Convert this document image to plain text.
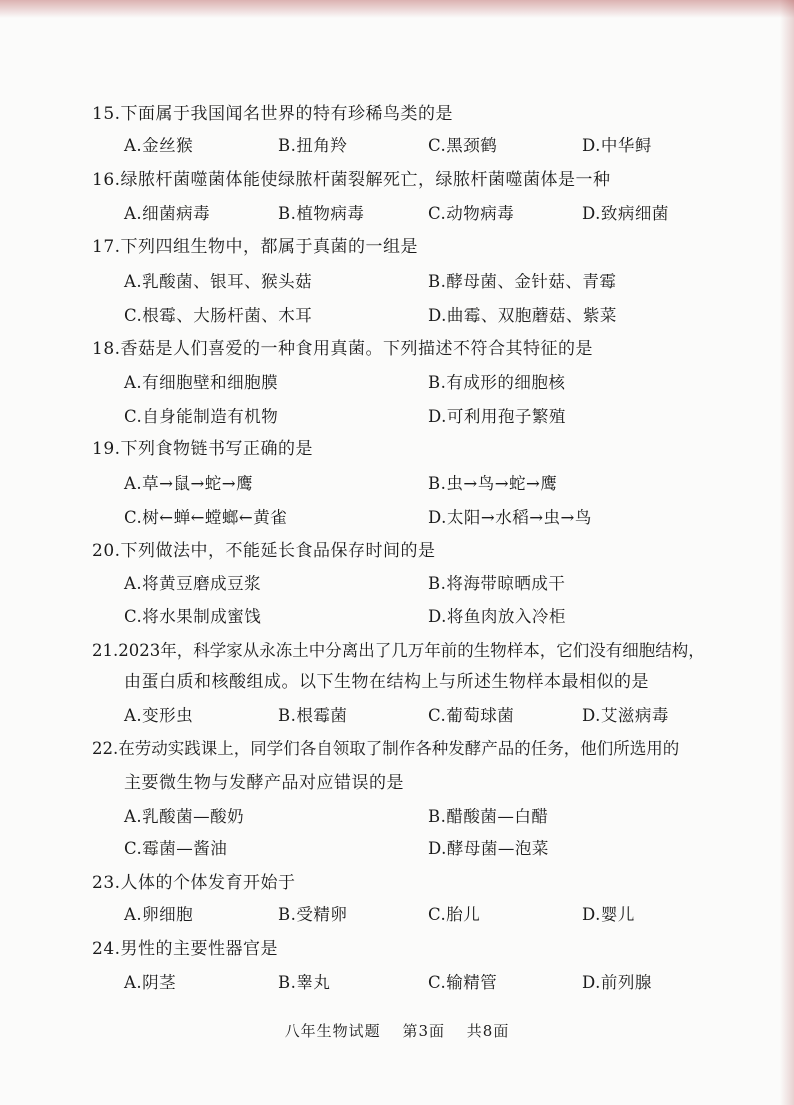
15.下面属于我国闻名世界的特有珍稀鸟类的是
A.金丝猴	B.扭角羚	C.黑颈鹤	D.中华鲟
16.绿脓杆菌噬菌体能使绿脓杆菌裂解死亡，绿脓杆菌噬菌体是一种
A.细菌病毒	B.植物病毒	C.动物病毒	D.致病细菌
17.下列四组生物中，都属于真菌的一组是
A.乳酸菌、银耳、猴头菇	B.酵母菌、金针菇、青霉
C.根霉、大肠杆菌、木耳	D.曲霉、双胞蘑菇、紫菜
18.香菇是人们喜爱的一种食用真菌。下列描述不符合其特征的是
A.有细胞壁和细胞膜	B.有成形的细胞核
C.自身能制造有机物	D.可利用孢子繁殖
19.下列食物链书写正确的是
A.草→鼠→蛇→鹰	B.虫→鸟→蛇→鹰
C.树←蝉←螳螂←黄雀	D.太阳→水稻→虫→鸟
20.下列做法中，不能延长食品保存时间的是
A.将黄豆磨成豆浆	B.将海带晾晒成干
C.将水果制成蜜饯	D.将鱼肉放入冷柜
21.2023年，科学家从永冻土中分离出了几万年前的生物样本，它们没有细胞结构，
由蛋白质和核酸组成。以下生物在结构上与所述生物样本最相似的是
A.变形虫	B.根霉菌	C.葡萄球菌	D.艾滋病毒
22.在劳动实践课上，同学们各自领取了制作各种发酵产品的任务，他们所选用的
主要微生物与发酵产品对应错误的是
A.乳酸菌—酸奶	B.醋酸菌—白醋
C.霉菌—酱油	D.酵母菌—泡菜
23.人体的个体发育开始于
A.卵细胞	B.受精卵	C.胎儿	D.婴儿
24.男性的主要性器官是
A.阴茎	B.睾丸	C.输精管	D.前列腺
八年生物试题 第3面 共8面
